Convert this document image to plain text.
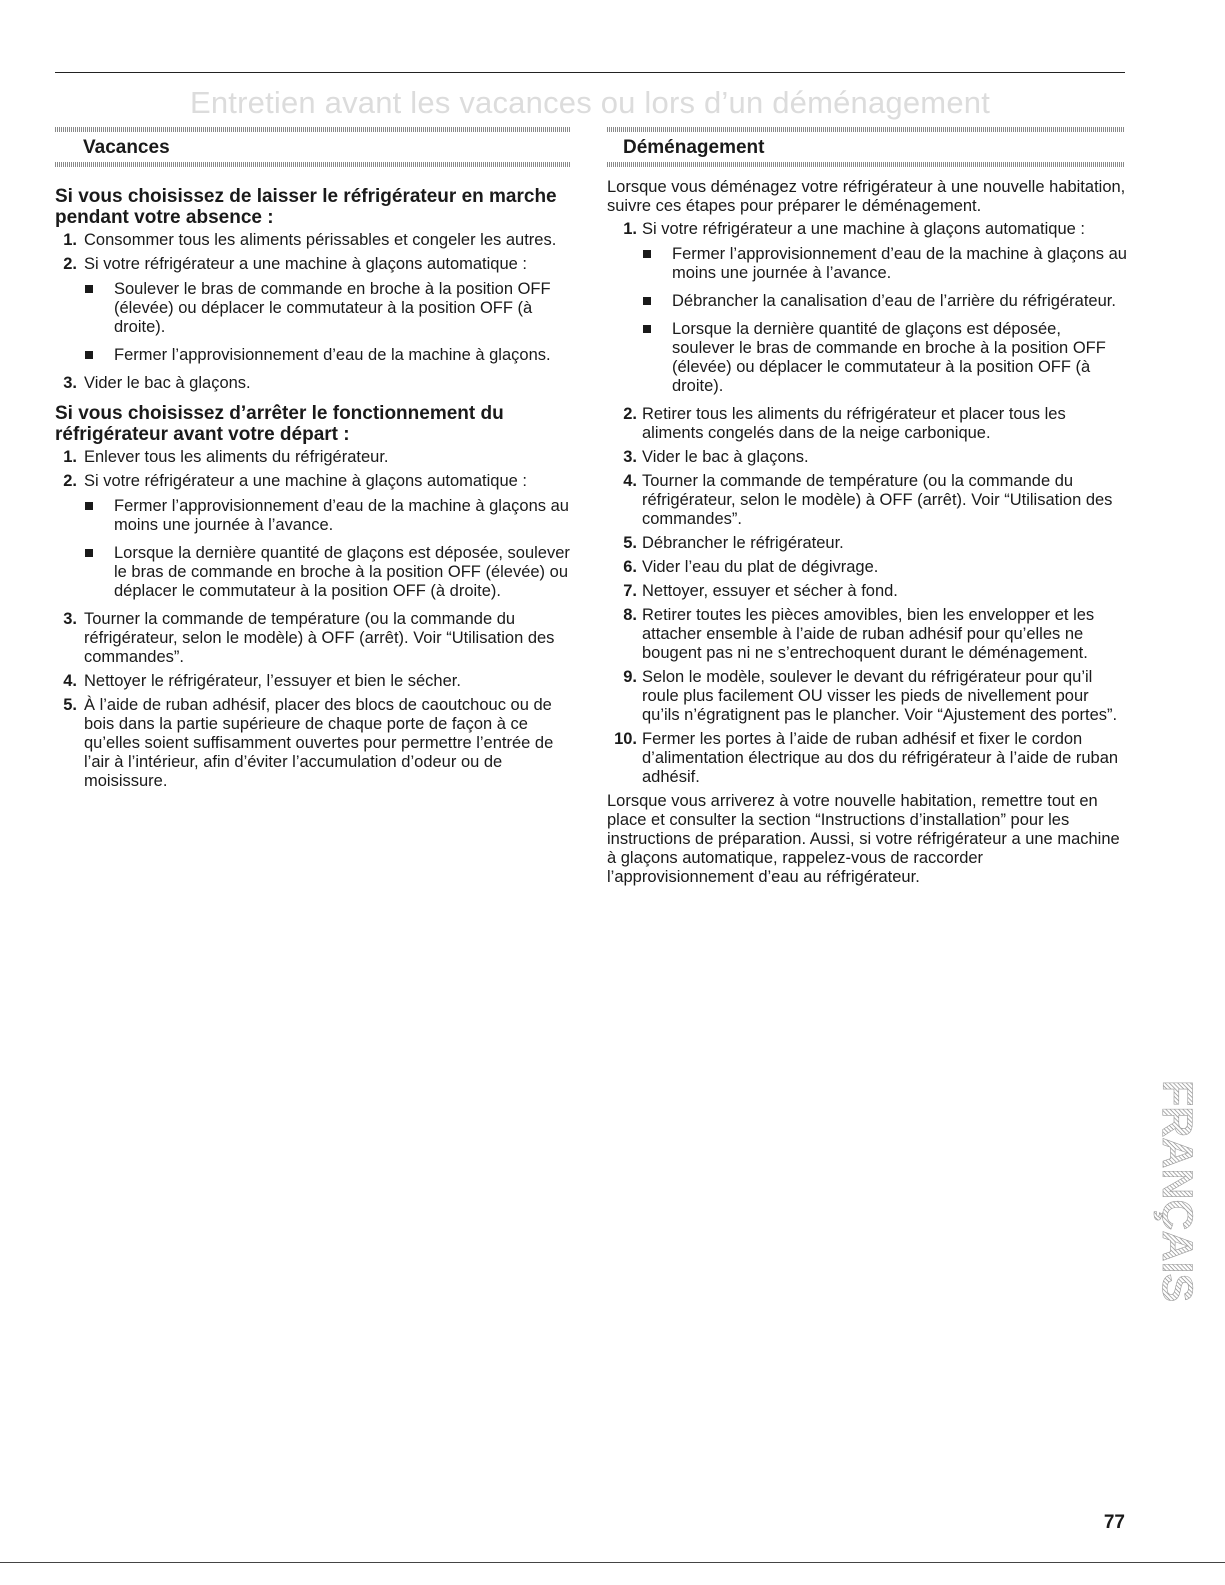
Entretien avant les vacances ou lors d’un déménagement
Vacances
Si vous choisissez de laisser le réfrigérateur en marche pendant votre absence :
1. Consommer tous les aliments périssables et congeler les autres.
2. Si votre réfrigérateur a une machine à glaçons automatique :
Soulever le bras de commande en broche à la position OFF (élevée) ou déplacer le commutateur à la position OFF (à droite).
Fermer l’approvisionnement d’eau de la machine à glaçons.
3. Vider le bac à glaçons.
Si vous choisissez d’arrêter le fonctionnement du réfrigérateur avant votre départ :
1. Enlever tous les aliments du réfrigérateur.
2. Si votre réfrigérateur a une machine à glaçons automatique :
Fermer l’approvisionnement d’eau de la machine à glaçons au moins une journée à l’avance.
Lorsque la dernière quantité de glaçons est déposée, soulever le bras de commande en broche à la position OFF (élevée) ou déplacer le commutateur à la position OFF (à droite).
3. Tourner la commande de température (ou la commande du réfrigérateur, selon le modèle) à OFF (arrêt). Voir “Utilisation des commandes”.
4. Nettoyer le réfrigérateur, l’essuyer et bien le sécher.
5. À l’aide de ruban adhésif, placer des blocs de caoutchouc ou de bois dans la partie supérieure de chaque porte de façon à ce qu’elles soient suffisamment ouvertes pour permettre l’entrée de l’air à l’intérieur, afin d’éviter l’accumulation d’odeur ou de moisissure.
Déménagement

Lorsque vous déménagez votre réfrigérateur à une nouvelle habitation, suivre ces étapes pour préparer le déménagement.

1. Si votre réfrigérateur a une machine à glaçons automatique :
Fermer l’approvisionnement d’eau de la machine à glaçons au moins une journée à l’avance.
Débrancher la canalisation d’eau de l’arrière du réfrigérateur.
Lorsque la dernière quantité de glaçons est déposée, soulever le bras de commande en broche à la position OFF (élevée) ou déplacer le commutateur à la position OFF (à droite).
2. Retirer tous les aliments du réfrigérateur et placer tous les aliments congelés dans de la neige carbonique.
3. Vider le bac à glaçons.
4. Tourner la commande de température (ou la commande du réfrigérateur, selon le modèle) à OFF (arrêt). Voir “Utilisation des commandes”.
5. Débrancher le réfrigérateur.
6. Vider l’eau du plat de dégivrage.
7. Nettoyer, essuyer et sécher à fond.
8. Retirer toutes les pièces amovibles, bien les envelopper et les attacher ensemble à l’aide de ruban adhésif pour qu’elles ne bougent pas ni ne s’entrechoquent durant le déménagement.
9. Selon le modèle, soulever le devant du réfrigérateur pour qu’il roule plus facilement OU visser les pieds de nivellement pour qu’ils n’égratignent pas le plancher. Voir “Ajustement des portes”.
10. Fermer les portes à l’aide de ruban adhésif et fixer le cordon d’alimentation électrique au dos du réfrigérateur à l’aide de ruban adhésif.

Lorsque vous arriverez à votre nouvelle habitation, remettre tout en place et consulter la section “Instructions d’installation” pour les instructions de préparation. Aussi, si votre réfrigérateur a une machine à glaçons automatique, rappelez-vous de raccorder l’approvisionnement d’eau au réfrigérateur.

FRANÇAIS
77
